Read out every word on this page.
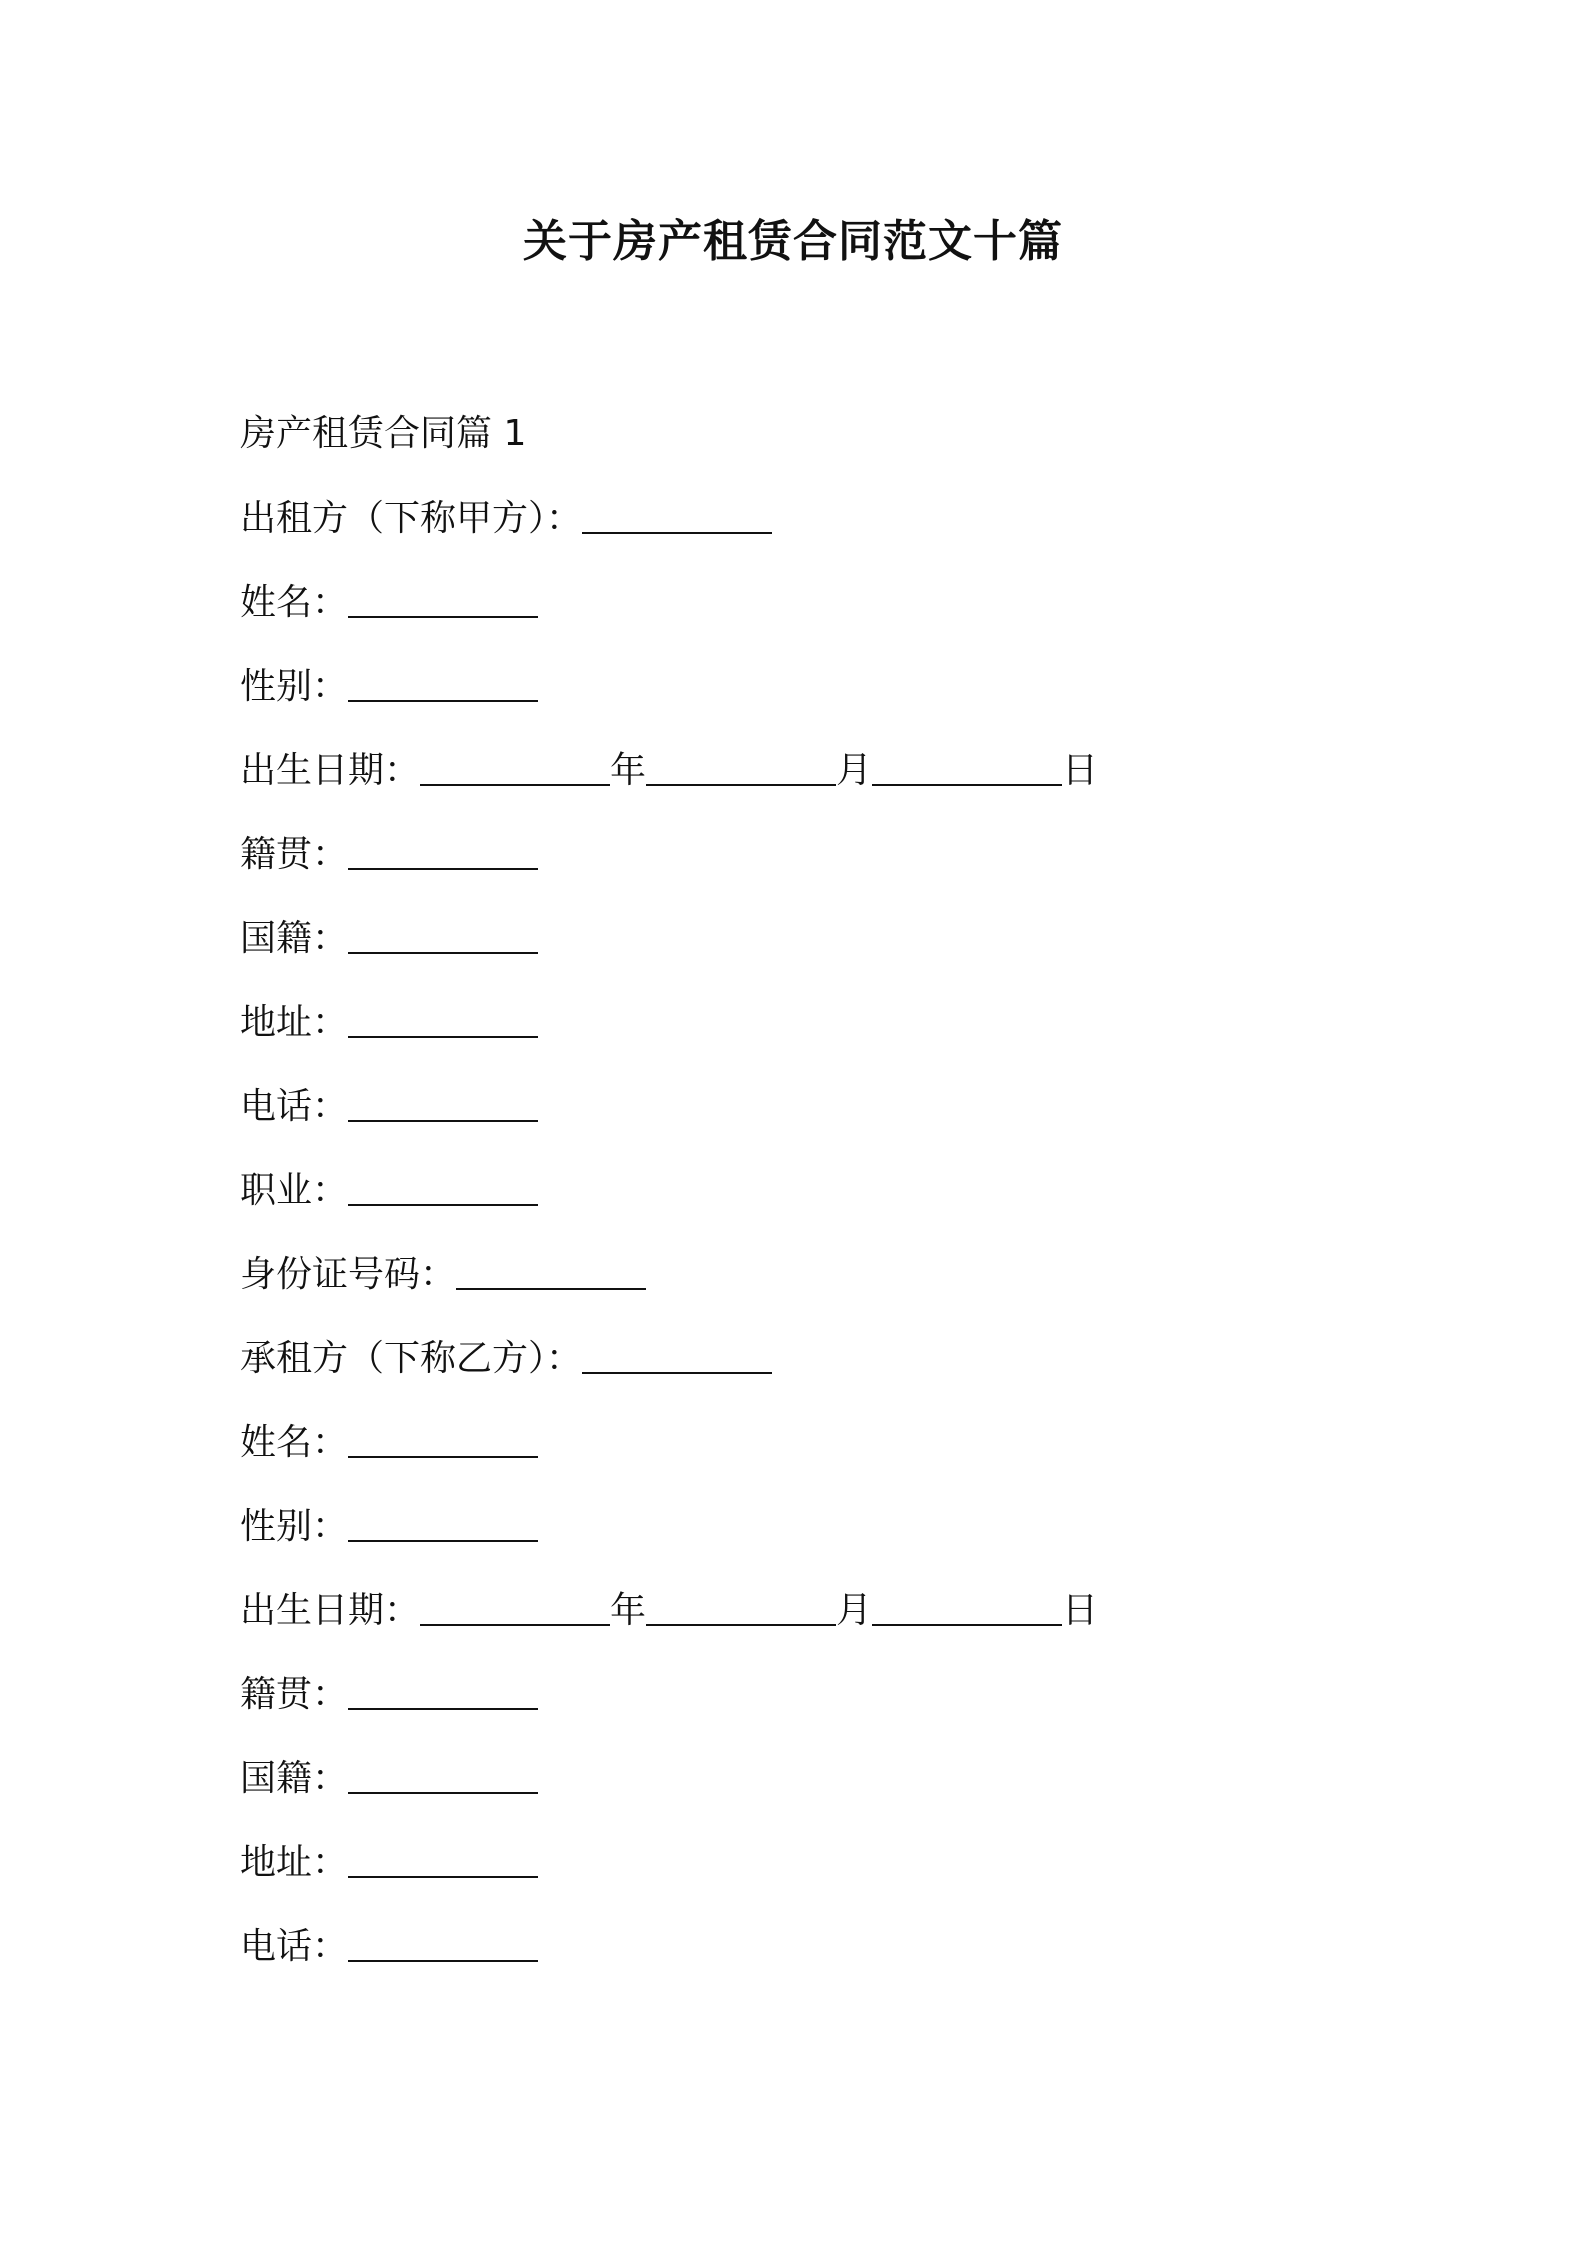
关于房产租赁合同范文十篇

房产租赁合同篇 1

出租方（下称甲方）：

姓名：

性别：

出生日期：	年	月	日

籍贯：

国籍：

地址：

电话：

职业：

身份证号码：

承租方（下称乙方）：

姓名：

性别：

出生日期：	年	月	日

籍贯：

国籍：

地址：

电话：
